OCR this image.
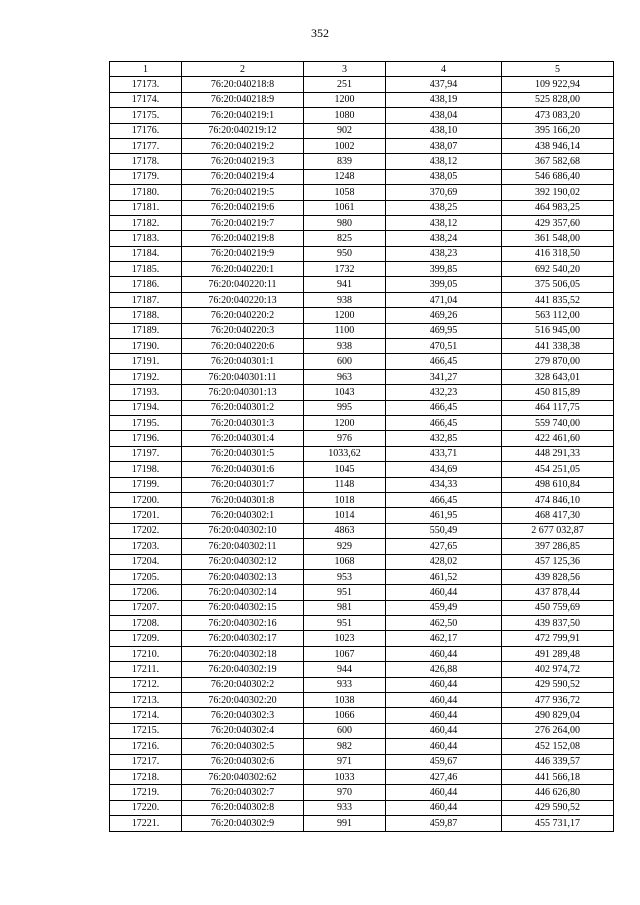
352
1	2	3	4	5
17173.	76:20:040218:8	251	437,94	109 922,94
17174.	76:20:040218:9	1200	438,19	525 828,00
17175.	76:20:040219:1	1080	438,04	473 083,20
17176.	76:20:040219:12	902	438,10	395 166,20
17177.	76:20:040219:2	1002	438,07	438 946,14
17178.	76:20:040219:3	839	438,12	367 582,68
17179.	76:20:040219:4	1248	438,05	546 686,40
17180.	76:20:040219:5	1058	370,69	392 190,02
17181.	76:20:040219:6	1061	438,25	464 983,25
17182.	76:20:040219:7	980	438,12	429 357,60
17183.	76:20:040219:8	825	438,24	361 548,00
17184.	76:20:040219:9	950	438,23	416 318,50
17185.	76:20:040220:1	1732	399,85	692 540,20
17186.	76:20:040220:11	941	399,05	375 506,05
17187.	76:20:040220:13	938	471,04	441 835,52
17188.	76:20:040220:2	1200	469,26	563 112,00
17189.	76:20:040220:3	1100	469,95	516 945,00
17190.	76:20:040220:6	938	470,51	441 338,38
17191.	76:20:040301:1	600	466,45	279 870,00
17192.	76:20:040301:11	963	341,27	328 643,01
17193.	76:20:040301:13	1043	432,23	450 815,89
17194.	76:20:040301:2	995	466,45	464 117,75
17195.	76:20:040301:3	1200	466,45	559 740,00
17196.	76:20:040301:4	976	432,85	422 461,60
17197.	76:20:040301:5	1033,62	433,71	448 291,33
17198.	76:20:040301:6	1045	434,69	454 251,05
17199.	76:20:040301:7	1148	434,33	498 610,84
17200.	76:20:040301:8	1018	466,45	474 846,10
17201.	76:20:040302:1	1014	461,95	468 417,30
17202.	76:20:040302:10	4863	550,49	2 677 032,87
17203.	76:20:040302:11	929	427,65	397 286,85
17204.	76:20:040302:12	1068	428,02	457 125,36
17205.	76:20:040302:13	953	461,52	439 828,56
17206.	76:20:040302:14	951	460,44	437 878,44
17207.	76:20:040302:15	981	459,49	450 759,69
17208.	76:20:040302:16	951	462,50	439 837,50
17209.	76:20:040302:17	1023	462,17	472 799,91
17210.	76:20:040302:18	1067	460,44	491 289,48
17211.	76:20:040302:19	944	426,88	402 974,72
17212.	76:20:040302:2	933	460,44	429 590,52
17213.	76:20:040302:20	1038	460,44	477 936,72
17214.	76:20:040302:3	1066	460,44	490 829,04
17215.	76:20:040302:4	600	460,44	276 264,00
17216.	76:20:040302:5	982	460,44	452 152,08
17217.	76:20:040302:6	971	459,67	446 339,57
17218.	76:20:040302:62	1033	427,46	441 566,18
17219.	76:20:040302:7	970	460,44	446 626,80
17220.	76:20:040302:8	933	460,44	429 590,52
17221.	76:20:040302:9	991	459,87	455 731,17
